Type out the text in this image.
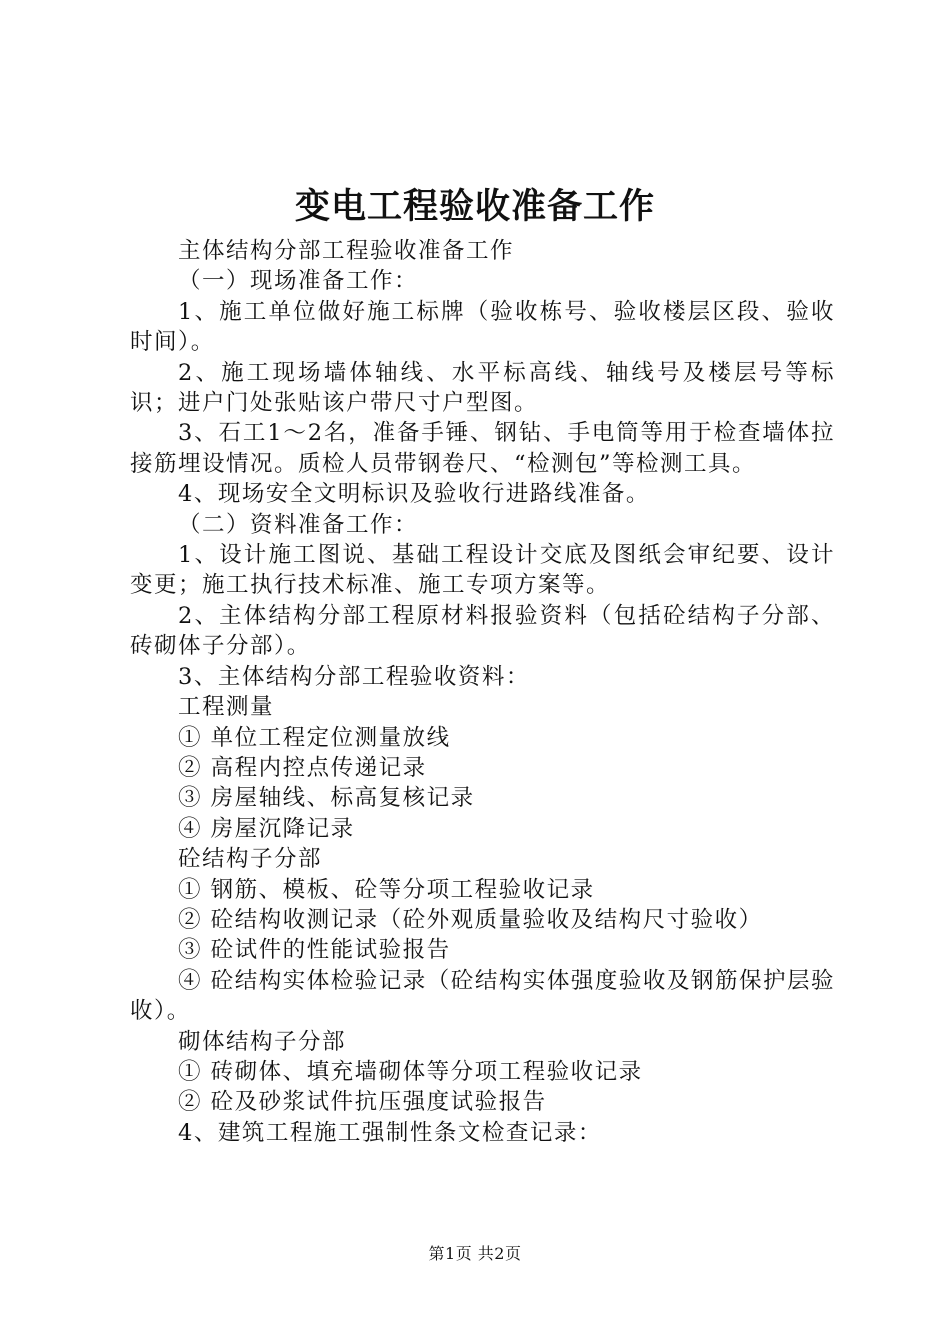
变电工程验收准备工作

主体结构分部工程验收准备工作

（一）现场准备工作：

1、施工单位做好施工标牌（验收栋号、验收楼层区段、验收时间）。

2、施工现场墙体轴线、水平标高线、轴线号及楼层号等标识；进户门处张贴该户带尺寸户型图。

3、石工1～2名，准备手锤、钢钻、手电筒等用于检查墙体拉接筋埋设情况。质检人员带钢卷尺、“检测包”等检测工具。

4、现场安全文明标识及验收行进路线准备。

（二）资料准备工作：

1、设计施工图说、基础工程设计交底及图纸会审纪要、设计变更；施工执行技术标准、施工专项方案等。

2、主体结构分部工程原材料报验资料（包括砼结构子分部、砖砌体子分部）。

3、主体结构分部工程验收资料：

工程测量

① 单位工程定位测量放线

② 高程内控点传递记录

③ 房屋轴线、标高复核记录

④ 房屋沉降记录

砼结构子分部

① 钢筋、模板、砼等分项工程验收记录

② 砼结构收测记录（砼外观质量验收及结构尺寸验收）

③ 砼试件的性能试验报告

④ 砼结构实体检验记录（砼结构实体强度验收及钢筋保护层验收）。

砌体结构子分部

① 砖砌体、填充墙砌体等分项工程验收记录

② 砼及砂浆试件抗压强度试验报告

4、建筑工程施工强制性条文检查记录：

第1页 共2页
